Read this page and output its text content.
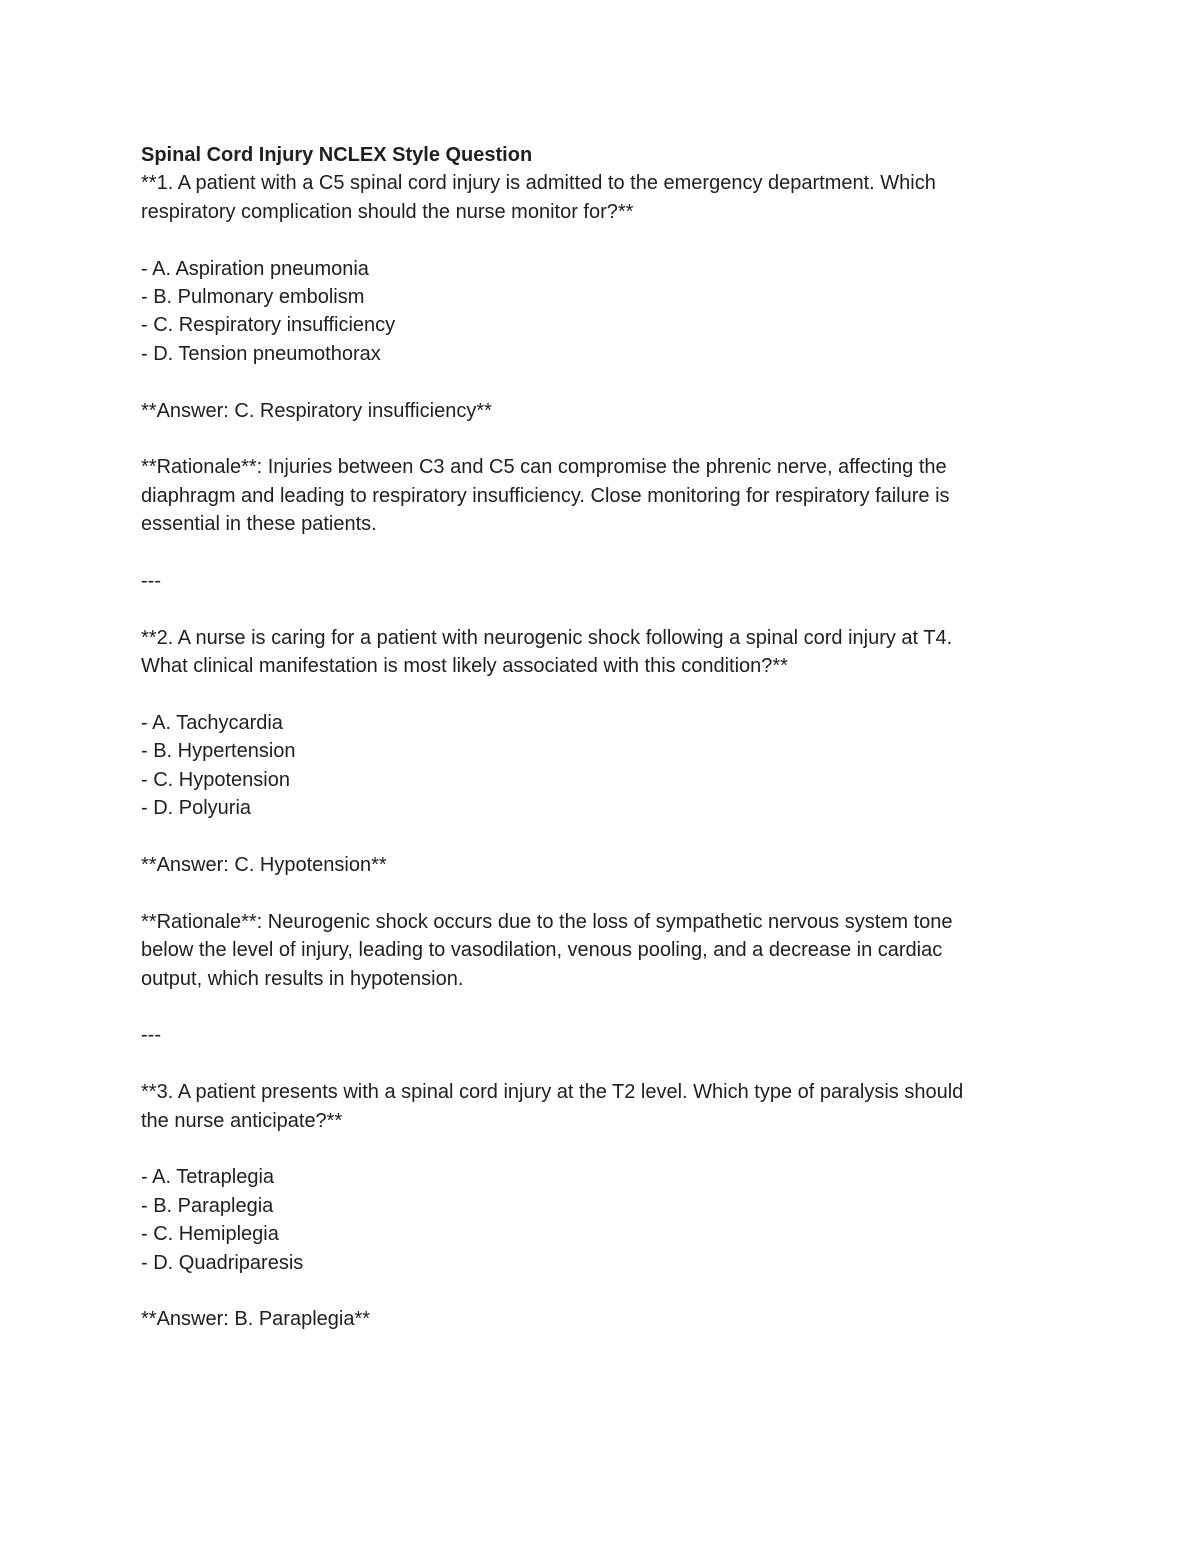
Spinal Cord Injury NCLEX Style Question
**1. A patient with a C5 spinal cord injury is admitted to the emergency department. Which
respiratory complication should the nurse monitor for?**
- A. Aspiration pneumonia
- B. Pulmonary embolism
- C. Respiratory insufficiency
- D. Tension pneumothorax
**Answer: C. Respiratory insufficiency**
**Rationale**: Injuries between C3 and C5 can compromise the phrenic nerve, affecting the
diaphragm and leading to respiratory insufficiency. Close monitoring for respiratory failure is
essential in these patients.
---
**2. A nurse is caring for a patient with neurogenic shock following a spinal cord injury at T4.
What clinical manifestation is most likely associated with this condition?**
- A. Tachycardia
- B. Hypertension
- C. Hypotension
- D. Polyuria
**Answer: C. Hypotension**
**Rationale**: Neurogenic shock occurs due to the loss of sympathetic nervous system tone
below the level of injury, leading to vasodilation, venous pooling, and a decrease in cardiac
output, which results in hypotension.
---
**3. A patient presents with a spinal cord injury at the T2 level. Which type of paralysis should
the nurse anticipate?**
- A. Tetraplegia
- B. Paraplegia
- C. Hemiplegia
- D. Quadriparesis
**Answer: B. Paraplegia**
